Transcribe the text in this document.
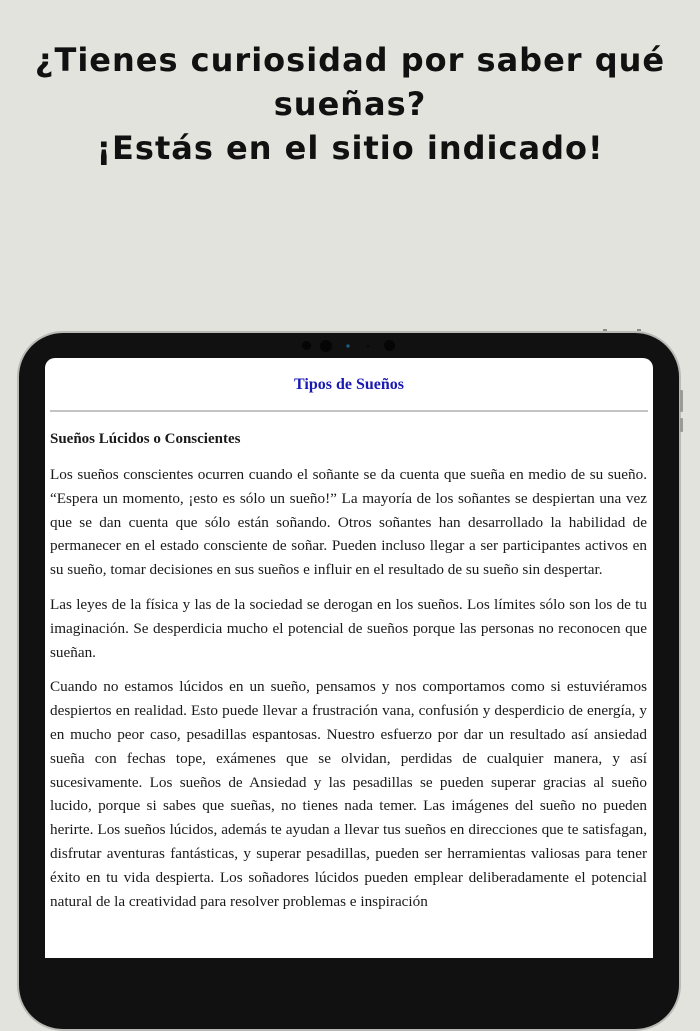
¿Tienes curiosidad por saber qué
sueñas?
¡Estás en el sitio indicado!
Tipos de Sueños
Sueños Lúcidos o Conscientes

Los sueños conscientes ocurren cuando el soñante se da cuenta que sueña en medio de su sueño. “Espera un momento, ¡esto es sólo un sueño!” La mayoría de los soñantes se despiertan una vez que se dan cuenta que sólo están soñando. Otros soñantes han desarrollado la habilidad de permanecer en el estado consciente de soñar. Pueden incluso llegar a ser participantes activos en su sueño, tomar decisiones en sus sueños e influir en el resultado de su sueño sin despertar.

Las leyes de la física y las de la sociedad se derogan en los sueños. Los límites sólo son los de tu imaginación. Se desperdicia mucho el potencial de sueños porque las personas no reconocen que sueñan.

Cuando no estamos lúcidos en un sueño, pensamos y nos comportamos como si estuviéramos despiertos en realidad. Esto puede llevar a frustración vana, confusión y desperdicio de energía, y en mucho peor caso, pesadillas espantosas. Nuestro esfuerzo por dar un resultado así ansiedad sueña con fechas tope, exámenes que se olvidan, perdidas de cualquier manera, y así sucesivamente. Los sueños de Ansiedad y las pesadillas se pueden superar gracias al sueño lucido, porque si sabes que sueñas, no tienes nada temer. Las imágenes del sueño no pueden herirte. Los sueños lúcidos, además te ayudan a llevar tus sueños en direcciones que te satisfagan, disfrutar aventuras fantásticas, y superar pesadillas, pueden ser herramientas valiosas para tener éxito en tu vida despierta. Los soñadores lúcidos pueden emplear deliberadamente el potencial natural de la creatividad para resolver problemas e inspiración
